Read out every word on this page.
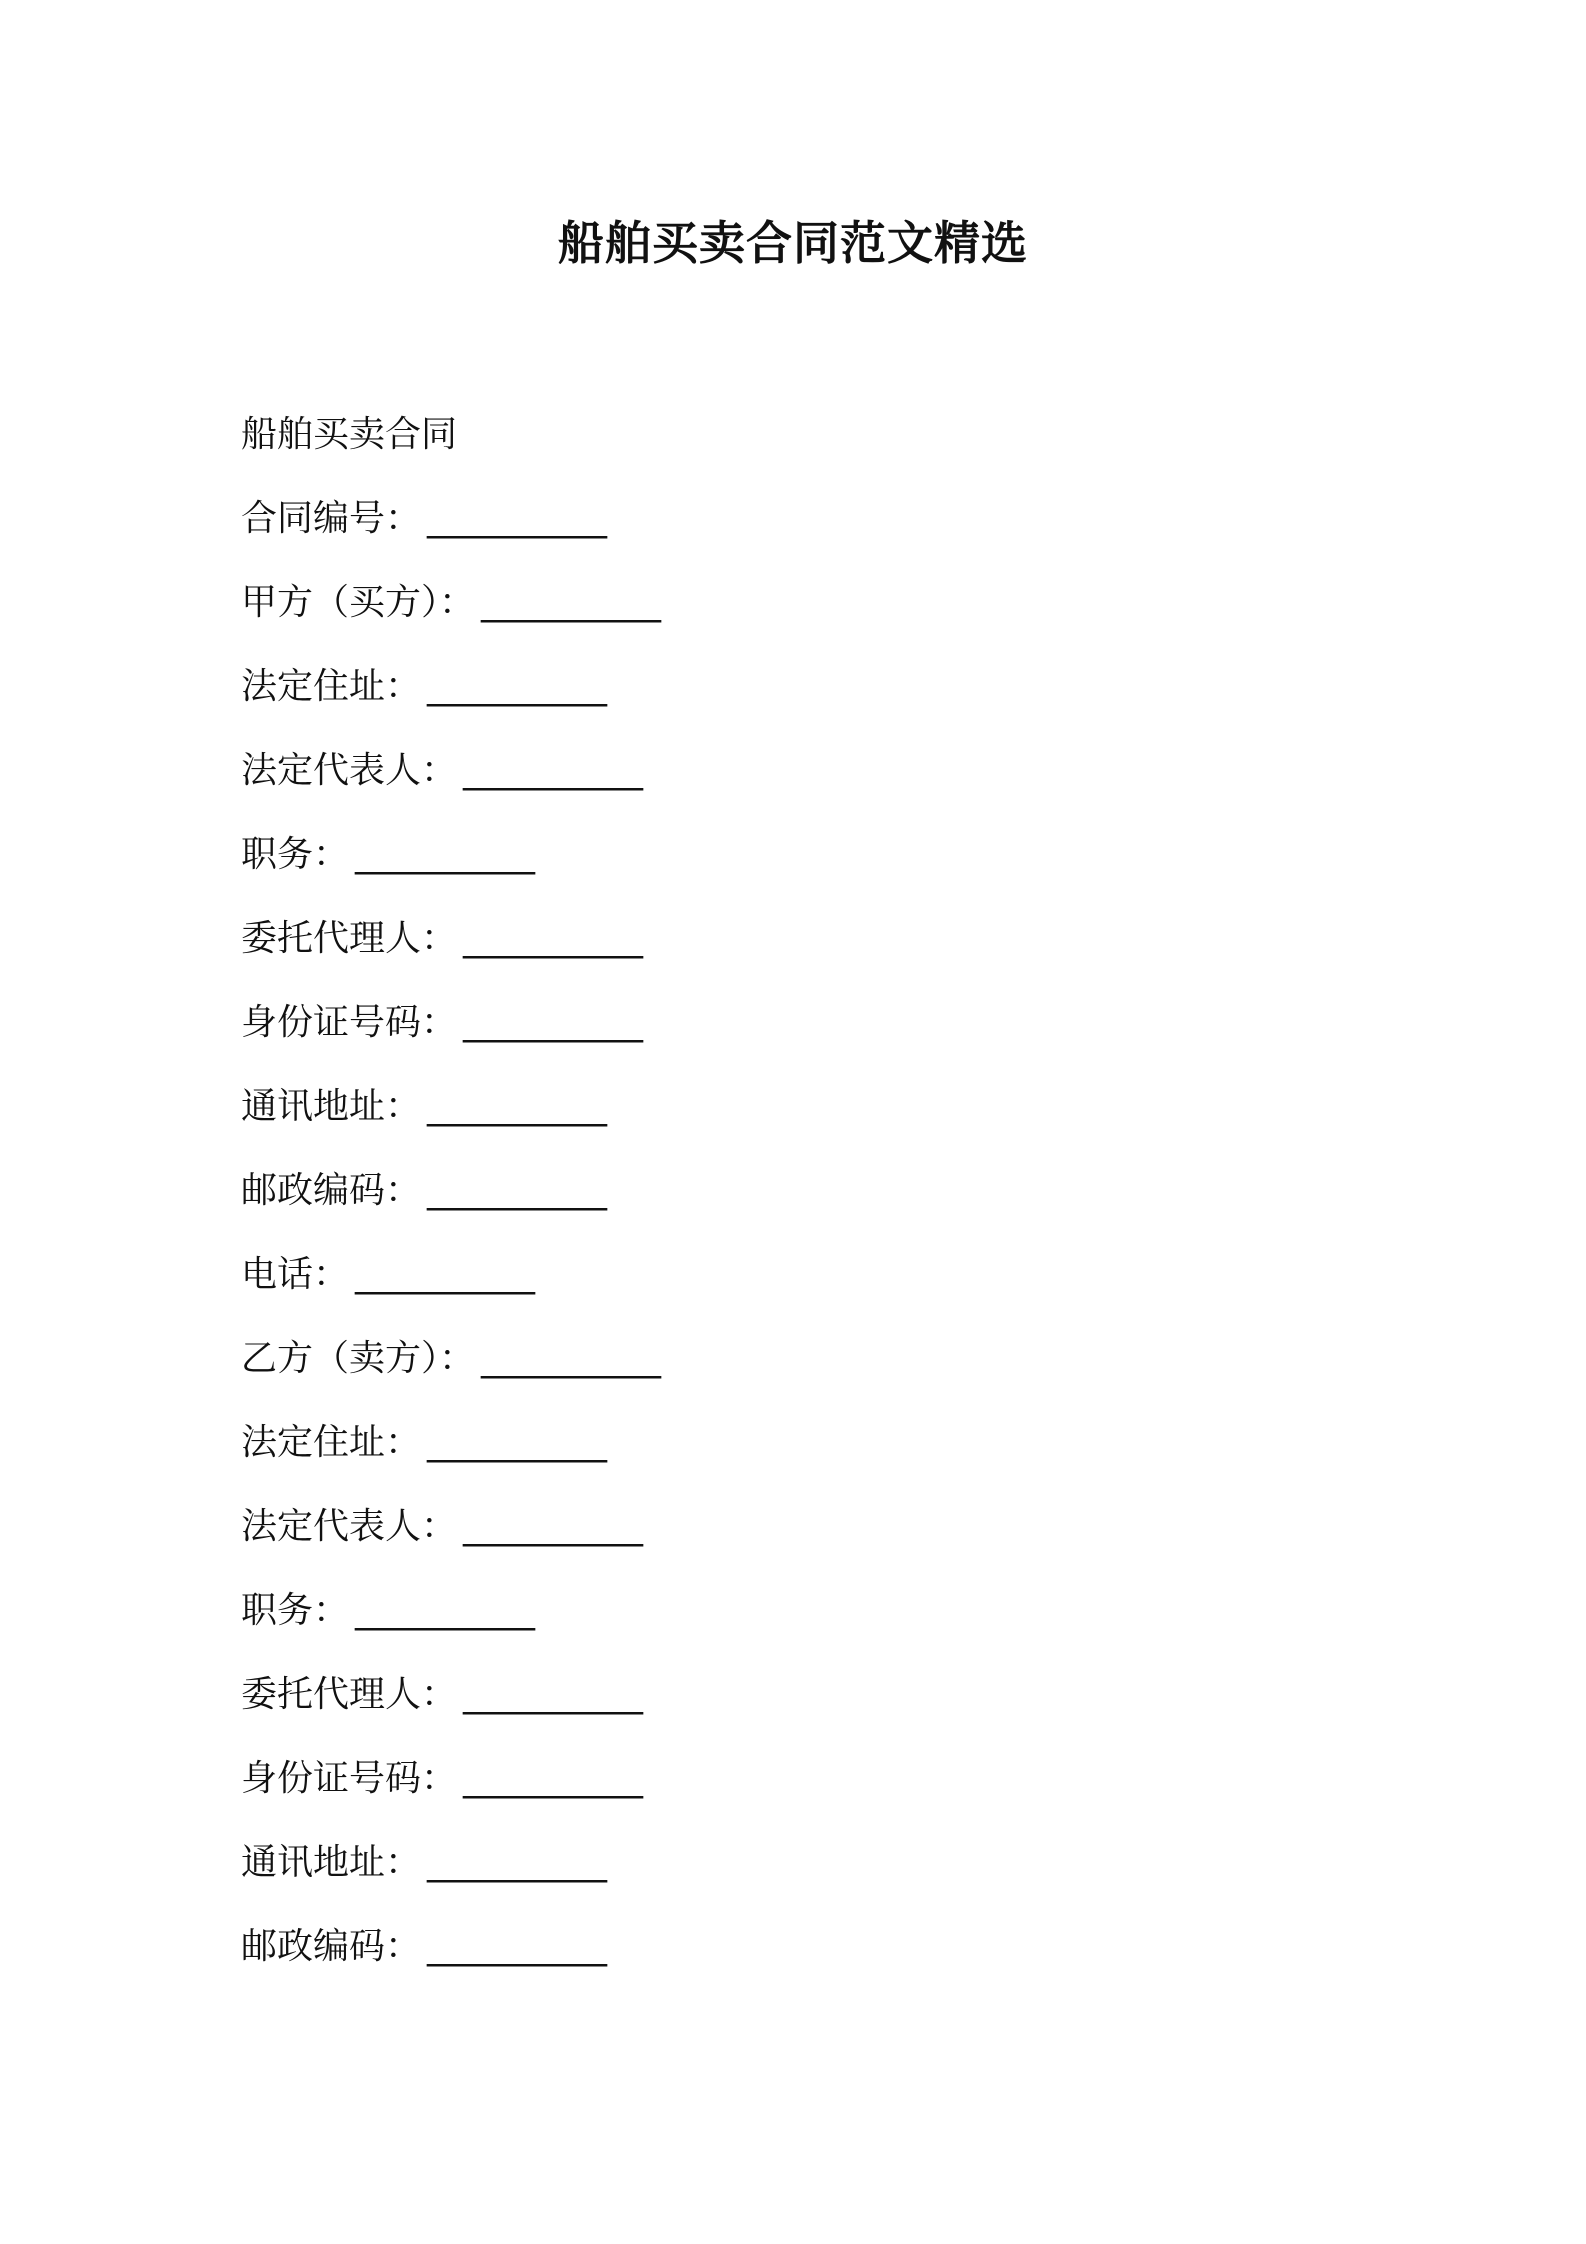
船舶买卖合同范文精选
船舶买卖合同
合同编号： __________
甲方（买方）： __________
法定住址： __________
法定代表人： __________
职务： __________
委托代理人： __________
身份证号码： __________
通讯地址： __________
邮政编码： __________
电话： __________
乙方（卖方）： __________
法定住址： __________
法定代表人： __________
职务： __________
委托代理人： __________
身份证号码： __________
通讯地址： __________
邮政编码： __________
